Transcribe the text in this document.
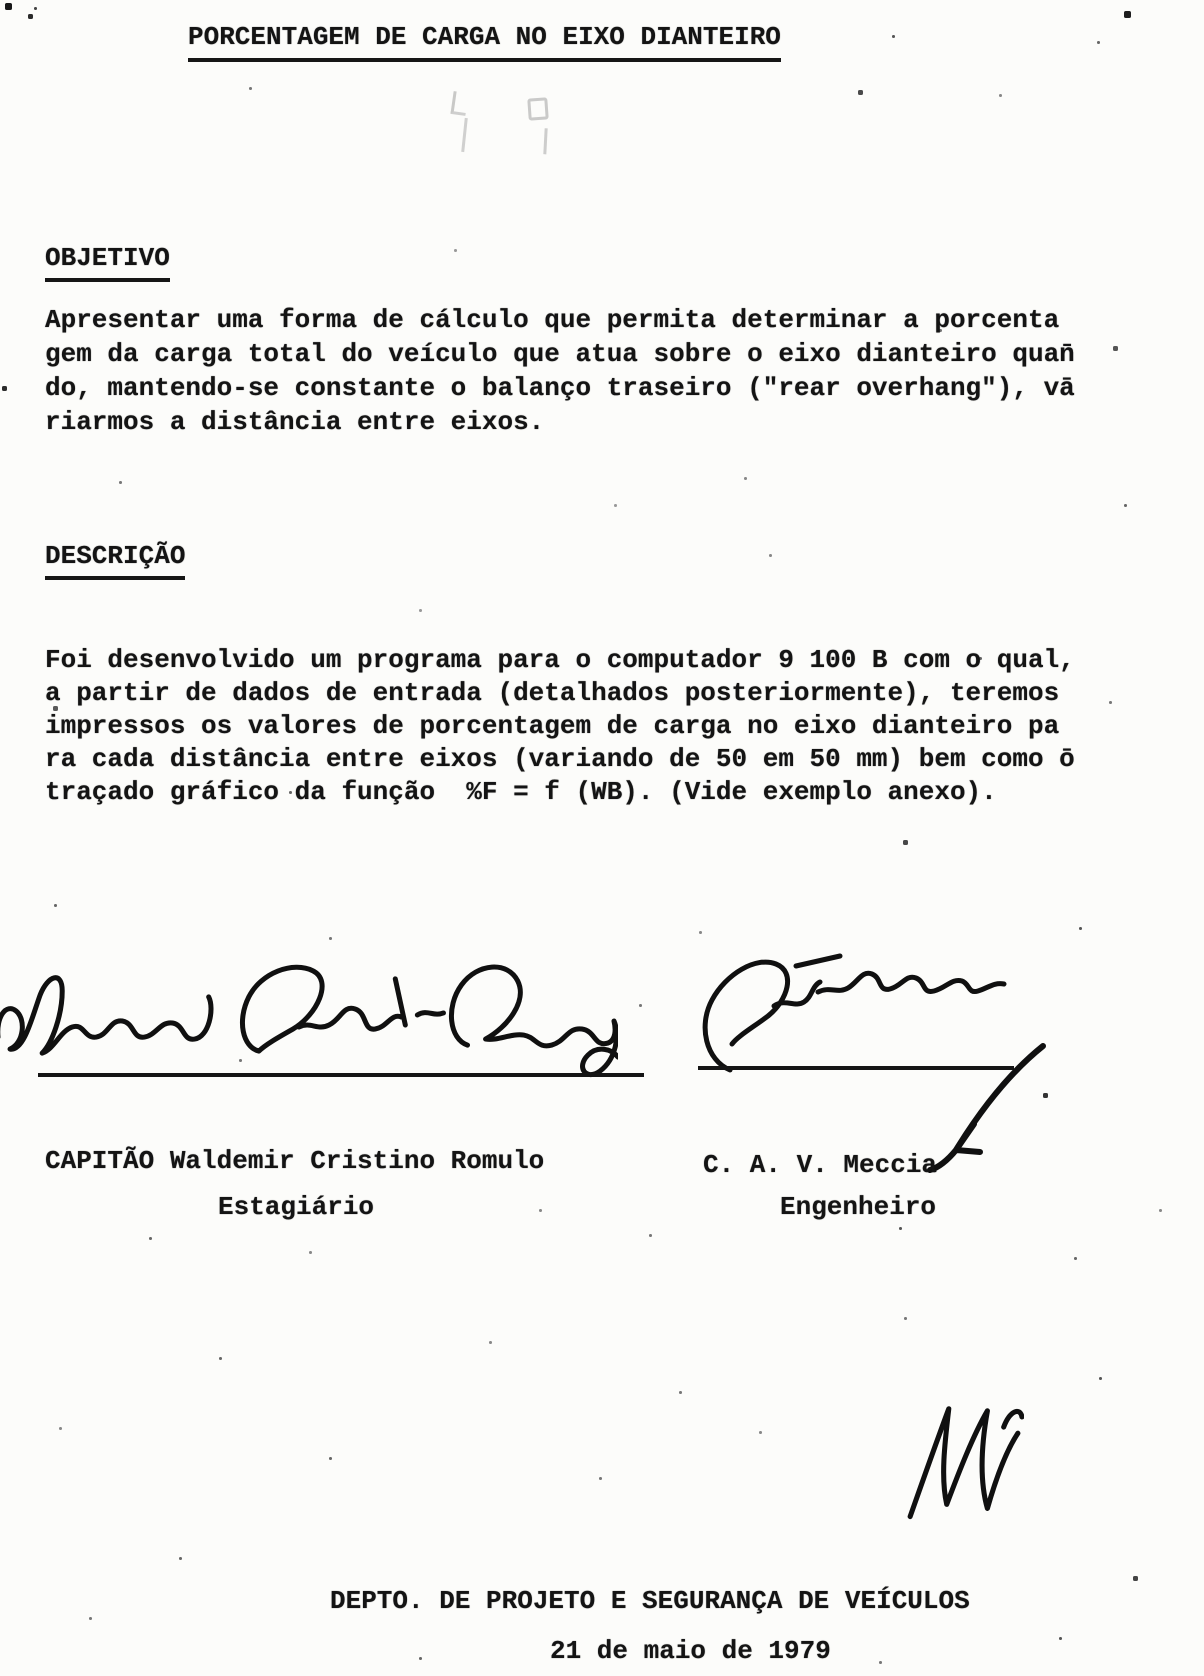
PORCENTAGEM DE CARGA NO EIXO DIANTEIRO
OBJETIVO
Apresentar uma forma de cálculo que permita determinar a porcenta
gem da carga total do veículo que atua sobre o eixo dianteiro quan̄
do, mantendo-se constante o balanço traseiro ("rear overhang"), vā
riarmos a distância entre eixos.
DESCRIÇÃO
Foi desenvolvido um programa para o computador 9 100 B com o qual,
a partir de dados de entrada (detalhados posteriormente), teremos
impressos os valores de porcentagem de carga no eixo dianteiro pa
ra cada distância entre eixos (variando de 50 em 50 mm) bem como ō
traçado gráfico da função  %F = f (WB). (Vide exemplo anexo).
CAPITÃO Waldemir Cristino Romulo
Estagiário
C. A. V. Meccia
Engenheiro
DEPTO. DE PROJETO E SEGURANÇA DE VEÍCULOS
21 de maio de 1979
